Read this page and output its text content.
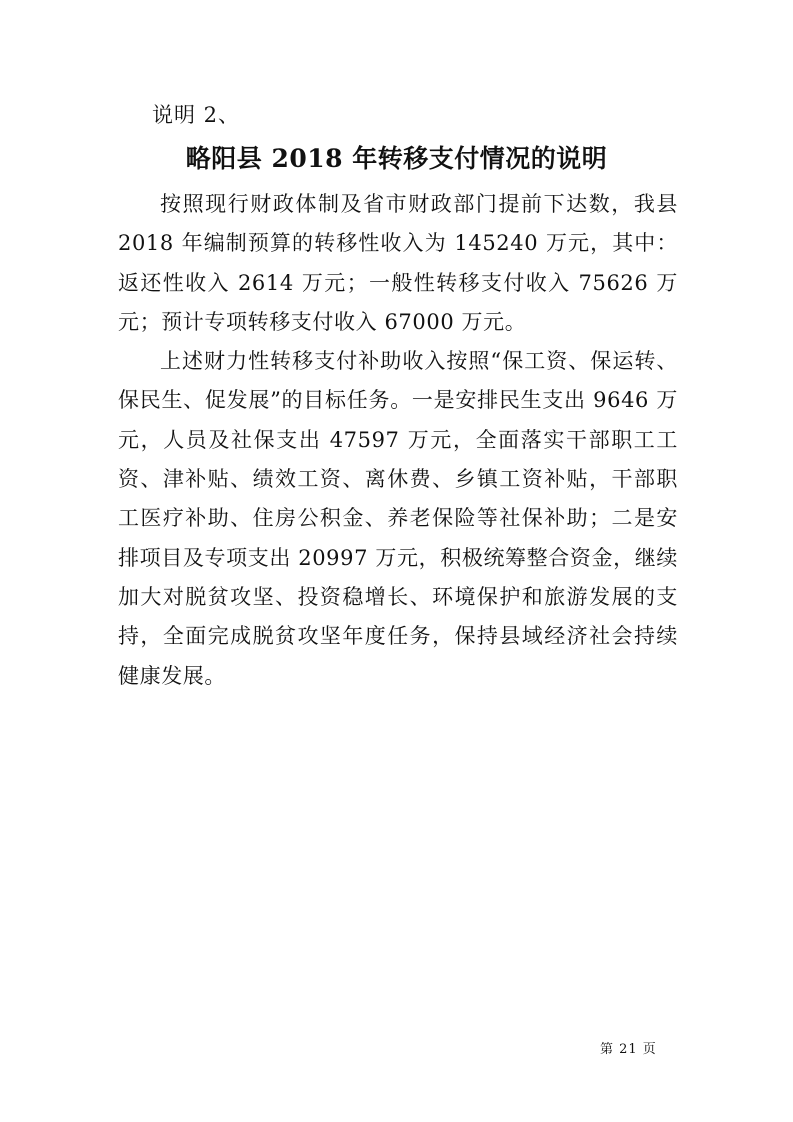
说明 2、
略阳县 2018 年转移支付情况的说明

按照现行财政体制及省市财政部门提前下达数，我县 2018 年编制预算的转移性收入为 145240 万元，其中：返还性收入 2614 万元；一般性转移支付收入 75626 万元；预计专项转移支付收入 67000 万元。

上述财力性转移支付补助收入按照“保工资、保运转、保民生、促发展”的目标任务。一是安排民生支出 9646 万元，人员及社保支出 47597 万元，全面落实干部职工工资、津补贴、绩效工资、离休费、乡镇工资补贴，干部职工医疗补助、住房公积金、养老保险等社保补助；二是安排项目及专项支出 20997 万元，积极统筹整合资金，继续加大对脱贫攻坚、投资稳增长、环境保护和旅游发展的支持，全面完成脱贫攻坚年度任务，保持县域经济社会持续健康发展。

第 21 页
